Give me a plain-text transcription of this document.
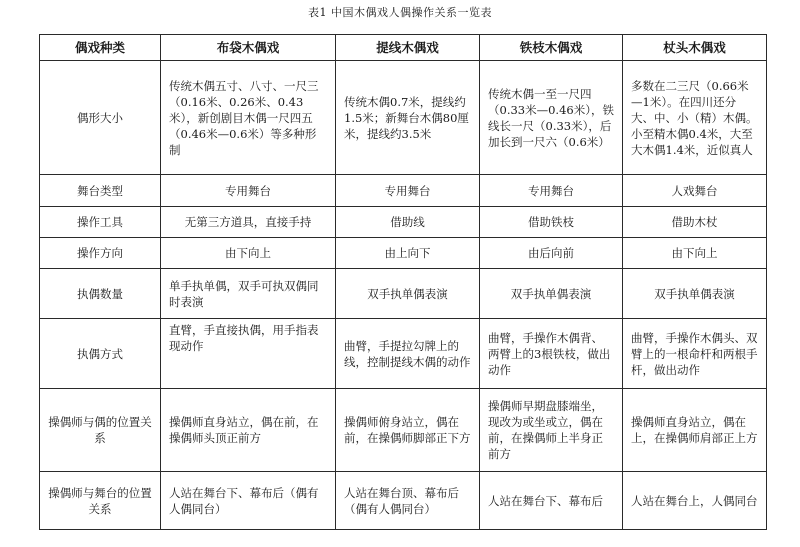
表1 中国木偶戏人偶操作关系一览表
偶戏种类	布袋木偶戏	提线木偶戏	铁枝木偶戏	杖头木偶戏
偶形大小	传统木偶五寸、八寸、一尺三（0.16米、0.26米、0.43米），新创剧目木偶一尺四五（0.46米—0.6米）等多种形制	传统木偶0.7米，提线约1.5米；新舞台木偶80厘米，提线约3.5米	传统木偶一至一尺四（0.33米—0.46米），铁线长一尺（0.33米），后加长到一尺六（0.6米）	多数在二三尺（0.66米—1米）。在四川还分大、中、小（精）木偶。小至精木偶0.4米，大至大木偶1.4米，近似真人
舞台类型	专用舞台	专用舞台	专用舞台	人戏舞台
操作工具	无第三方道具，直接手持	借助线	借助铁枝	借助木杖
操作方向	由下向上	由上向下	由后向前	由下向上
执偶数量	单手执单偶，双手可执双偶同时表演	双手执单偶表演	双手执单偶表演	双手执单偶表演
执偶方式	直臂，手直接执偶，用手指表现动作	曲臂，手提拉勾牌上的线，控制提线木偶的动作	曲臂，手操作木偶背、两臂上的3根铁枝，做出动作	曲臂，手操作木偶头、双臂上的一根命杆和两根手杆，做出动作
操偶师与偶的位置关系	操偶师直身站立，偶在前，在操偶师头顶正前方	操偶师俯身站立，偶在前，在操偶师脚部正下方	操偶师早期盘膝端坐，现改为或坐或立，偶在前，在操偶师上半身正前方	操偶师直身站立，偶在上，在操偶师肩部正上方
操偶师与舞台的位置关系	人站在舞台下、幕布后（偶有人偶同台）	人站在舞台顶、幕布后（偶有人偶同台）	人站在舞台下、幕布后	人站在舞台上，人偶同台
